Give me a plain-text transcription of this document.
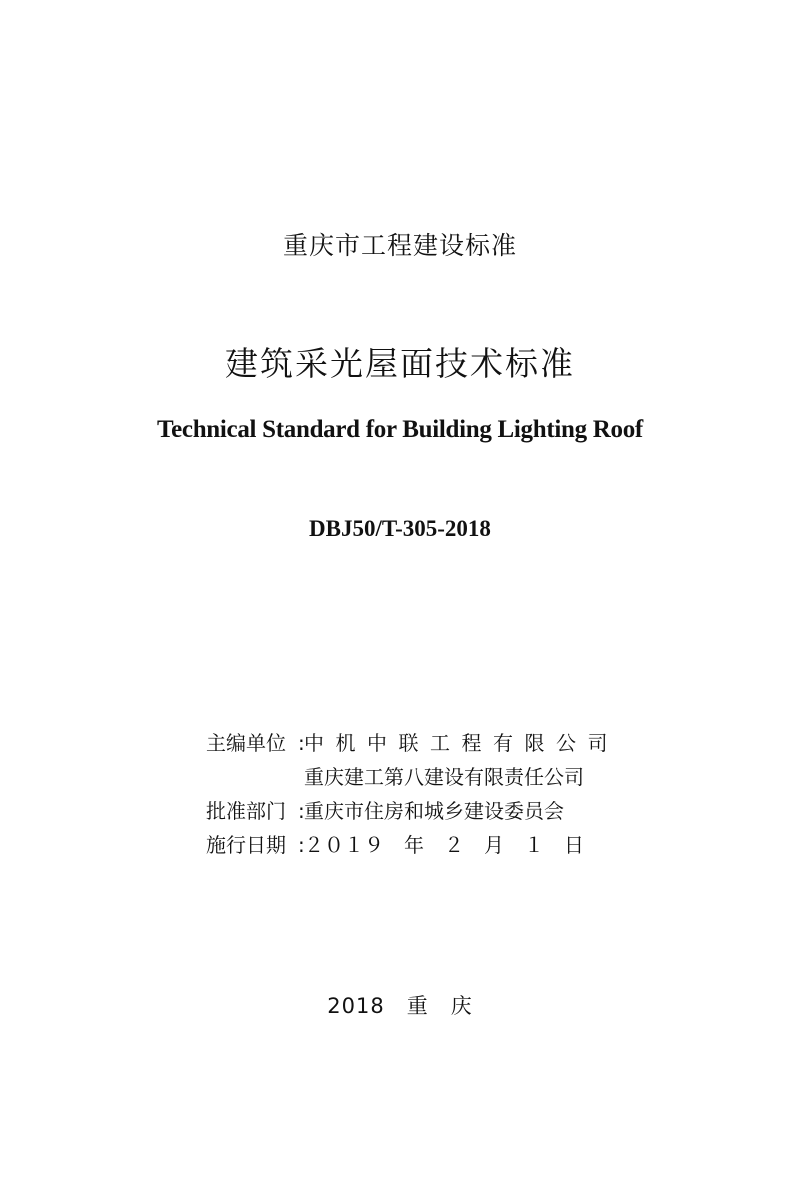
重庆市工程建设标准
建筑采光屋面技术标准
Technical Standard for Building Lighting Roof
DBJ50/T-305-2018
主编单位 : 中机中联工程有限公司
重庆建工第八建设有限责任公司
批准部门 : 重庆市住房和城乡建设委员会
施行日期 : ２０１９　年　２　月　１　日
2018　重　庆
